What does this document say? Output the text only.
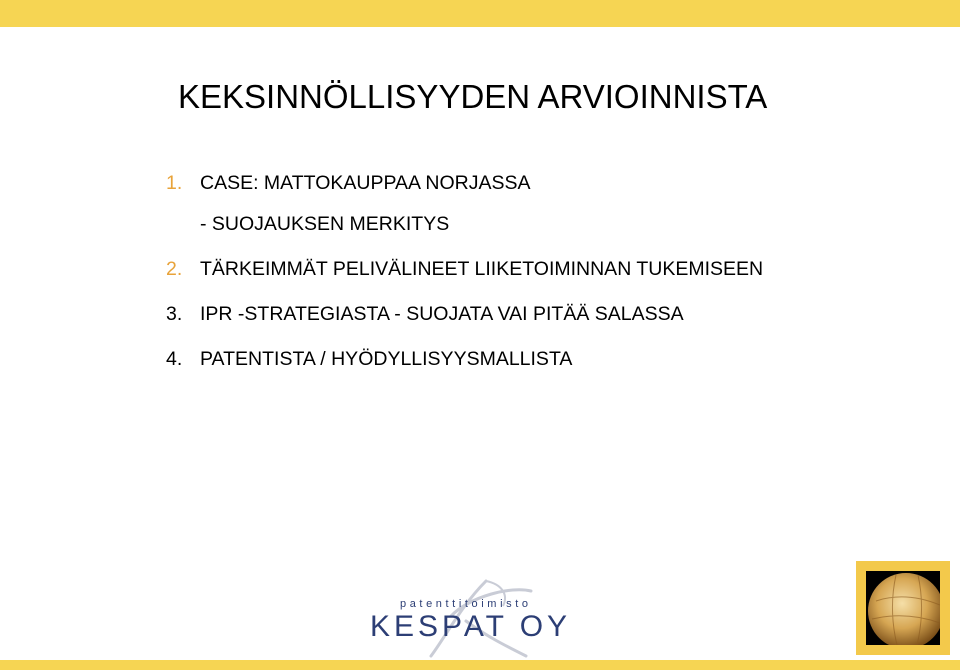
KEKSINNÖLLISYYDEN ARVIOINNISTA
1. CASE: MATTOKAUPPAA NORJASSA
- SUOJAUKSEN MERKITYS
2. TÄRKEIMMÄT PELIVÄLINEET LIIKETOIMINNAN TUKEMISEEN
3. IPR -STRATEGIASTA - SUOJATA VAI PITÄÄ SALASSA
4. PATENTISTA / HYÖDYLLISYYSMALLISTA
patenttitoimisto
KESPAT OY
